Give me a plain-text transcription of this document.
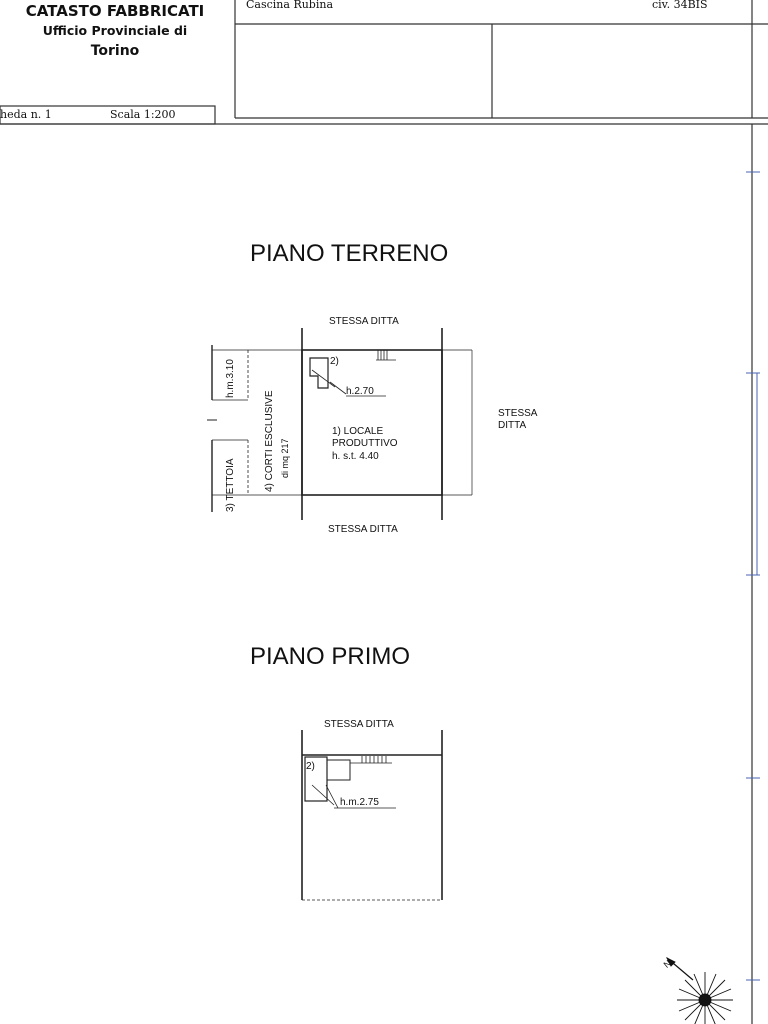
CATASTO FABBRICATI
Ufficio Provinciale di
Torino
heda n. 1	Scala 1:200
Cascina Rubina	civ. 34BIS
PIANO TERRENO
PIANO PRIMO
STESSA DITTA
STESSA
DITTA
STESSA DITTA
1) LOCALE
PRODUTTIVO
h. s.t. 4.40
2)
h.2.70
4) CORTI ESCLUSIVE di mq 217
3) TETTOIA
h.m.3.10
STESSA DITTA
2)
h.m.2.75
N
